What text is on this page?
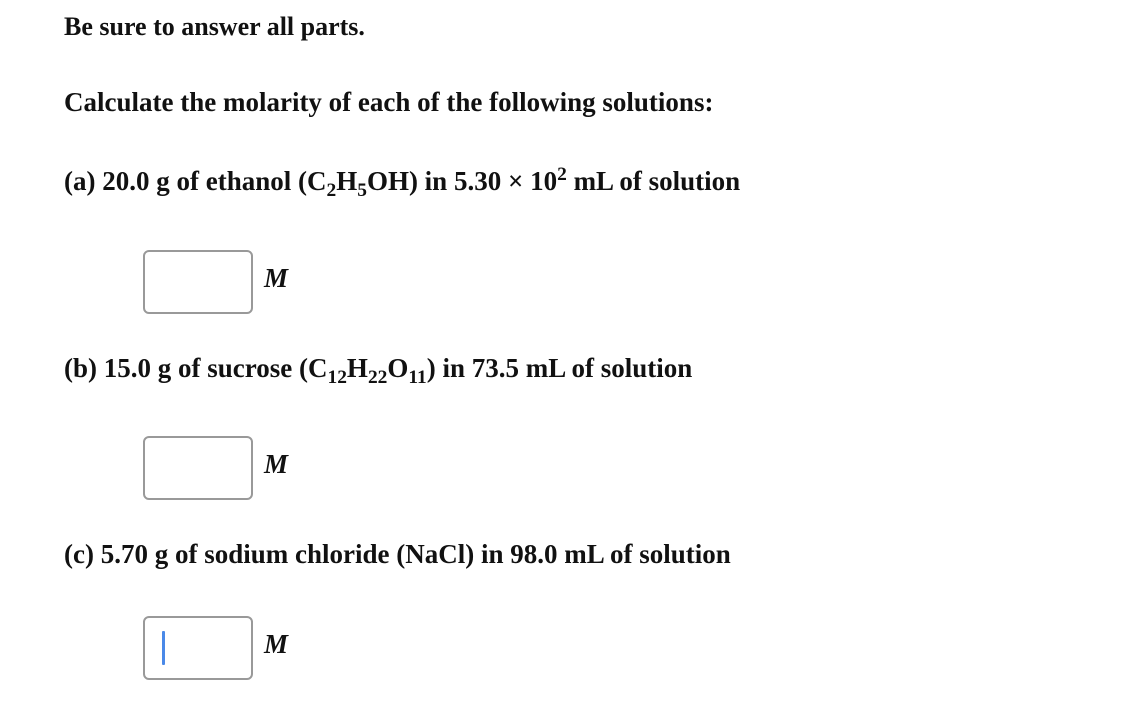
Be sure to answer all parts.
Calculate the molarity of each of the following solutions:
(a) 20.0 g of ethanol $(C_2H_5OH)$ in $5.30 \times 10^2$ mL of solution
M
(b) 15.0 g of sucrose $(C_{12}H_{22}O_{11})$ in 73.5 mL of solution
M
(c) 5.70 g of sodium chloride (NaCl) in 98.0 mL of solution
M
